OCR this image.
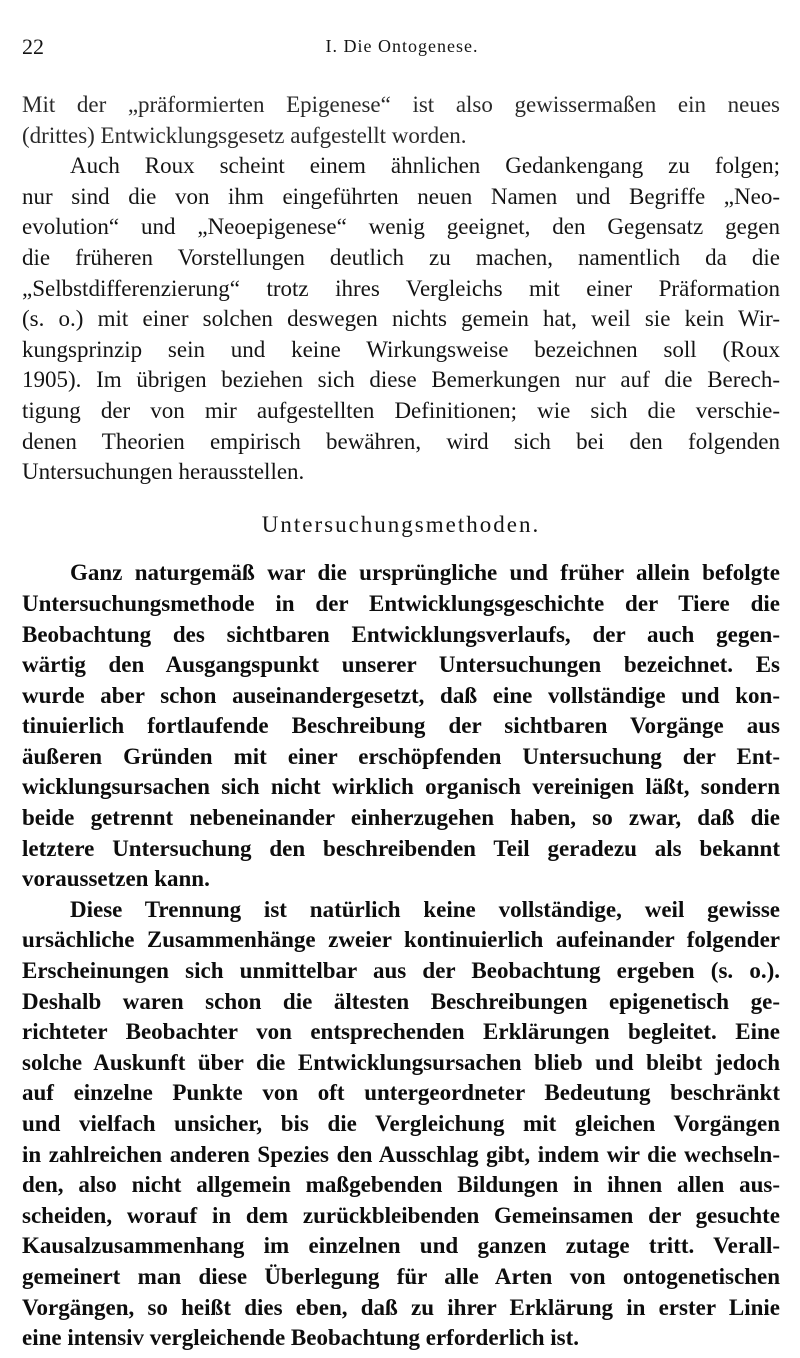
22	I. Die Ontogenese.
Mit der „präformierten Epigenese“ ist also gewissermaßen ein neues
(drittes) Entwicklungsgesetz aufgestellt worden.
Auch Roux scheint einem ähnlichen Gedankengang zu folgen;
nur sind die von ihm eingeführten neuen Namen und Begriffe „Neo-
evolution“ und „Neoepigenese“ wenig geeignet, den Gegensatz gegen
die früheren Vorstellungen deutlich zu machen, namentlich da die
„Selbstdifferenzierung“ trotz ihres Vergleichs mit einer Präformation
(s. o.) mit einer solchen deswegen nichts gemein hat, weil sie kein Wir-
kungsprinzip sein und keine Wirkungsweise bezeichnen soll (Roux
1905). Im übrigen beziehen sich diese Bemerkungen nur auf die Berech-
tigung der von mir aufgestellten Definitionen; wie sich die verschie-
denen Theorien empirisch bewähren, wird sich bei den folgenden
Untersuchungen herausstellen.
Untersuchungsmethoden.
Ganz naturgemäß war die ursprüngliche und früher allein befolgte
Untersuchungsmethode in der Entwicklungsgeschichte der Tiere die
Beobachtung des sichtbaren Entwicklungsverlaufs, der auch gegen-
wärtig den Ausgangspunkt unserer Untersuchungen bezeichnet. Es
wurde aber schon auseinandergesetzt, daß eine vollständige und kon-
tinuierlich fortlaufende Beschreibung der sichtbaren Vorgänge aus
äußeren Gründen mit einer erschöpfenden Untersuchung der Ent-
wicklungsursachen sich nicht wirklich organisch vereinigen läßt, sondern
beide getrennt nebeneinander einherzugehen haben, so zwar, daß die
letztere Untersuchung den beschreibenden Teil geradezu als bekannt
voraussetzen kann.
Diese Trennung ist natürlich keine vollständige, weil gewisse
ursächliche Zusammenhänge zweier kontinuierlich aufeinander folgender
Erscheinungen sich unmittelbar aus der Beobachtung ergeben (s. o.).
Deshalb waren schon die ältesten Beschreibungen epigenetisch ge-
richteter Beobachter von entsprechenden Erklärungen begleitet. Eine
solche Auskunft über die Entwicklungsursachen blieb und bleibt jedoch
auf einzelne Punkte von oft untergeordneter Bedeutung beschränkt
und vielfach unsicher, bis die Vergleichung mit gleichen Vorgängen
in zahlreichen anderen Spezies den Ausschlag gibt, indem wir die wechseln-
den, also nicht allgemein maßgebenden Bildungen in ihnen allen aus-
scheiden, worauf in dem zurückbleibenden Gemeinsamen der gesuchte
Kausalzusammenhang im einzelnen und ganzen zutage tritt. Verall-
gemeinert man diese Überlegung für alle Arten von ontogenetischen
Vorgängen, so heißt dies eben, daß zu ihrer Erklärung in erster Linie
eine intensiv vergleichende Beobachtung erforderlich ist.
